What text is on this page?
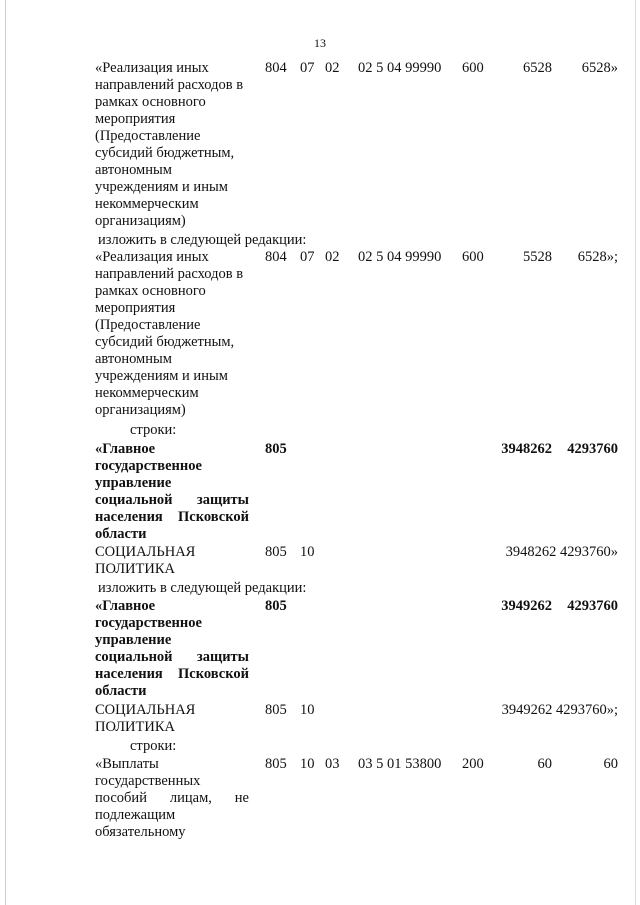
13
«Реализация иных
направлений расходов в
рамках основного
мероприятия
(Предоставление
субсидий бюджетным,
автономным
учреждениям и иным
некоммерческим
организациям)
804 07 02 02 5 04 99990 600	6528 6528»
изложить в следующей редакции:
«Реализация иных
направлений расходов в
рамках основного
мероприятия
(Предоставление
субсидий бюджетным,
автономным
учреждениям и иным
некоммерческим
организациям)
804 07 02 02 5 04 99990 600	5528 6528»;
строки:
«Главное
государственное
управление
социальной защиты
населения Псковской
области
805	3948262 4293760
СОЦИАЛЬНАЯ
ПОЛИТИКА
805 10	3948262 4293760»
изложить в следующей редакции:
«Главное
государственное
управление
социальной защиты
населения Псковской
области
805	3949262 4293760
СОЦИАЛЬНАЯ
ПОЛИТИКА
805 10	3949262 4293760»;
строки:
«Выплаты
государственных
пособий лицам, не
подлежащим
обязательному
805 10 03 03 5 01 53800 200	60	60
